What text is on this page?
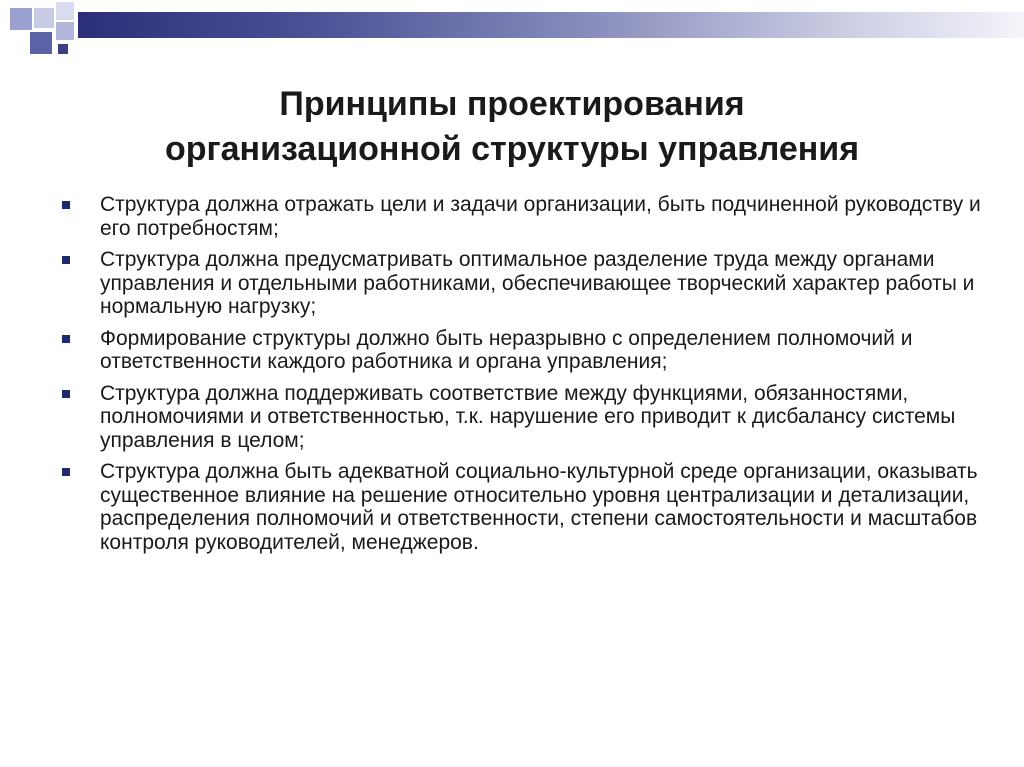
Принципы проектирования
организационной структуры управления
Структура должна отражать цели и задачи организации, быть подчиненной руководству и его потребностям;
Структура должна предусматривать оптимальное разделение труда между органами управления и отдельными работниками, обеспечивающее творческий характер работы и нормальную нагрузку;
Формирование структуры должно быть неразрывно с определением полномочий и ответственности каждого работника и органа управления;
Структура должна поддерживать соответствие между функциями, обязанностями, полномочиями и ответственностью, т.к. нарушение его приводит к дисбалансу системы управления в целом;
Структура должна быть адекватной социально-культурной среде организации, оказывать существенное влияние на решение относительно уровня централизации и детализации, распределения полномочий и ответственности, степени самостоятельности и масштабов контроля руководителей, менеджеров.
